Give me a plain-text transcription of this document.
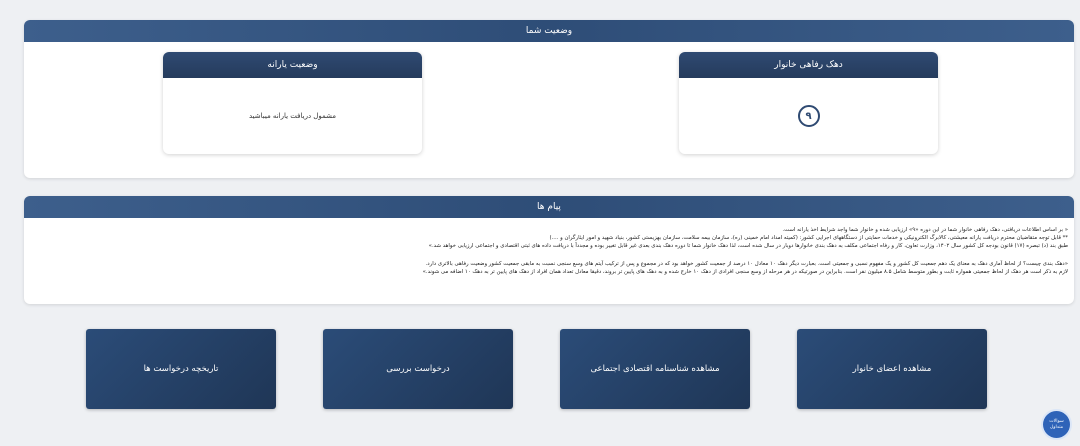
وضعیت شما
دهک رفاهی خانوار
۹
وضعیت یارانه
مشمول دریافت یارانه میباشید
پیام ها
« بر اساس اطلاعات دریافتی، دهک رفاهی خانوار شما در این دوره «۹» ارزیابی شده و خانوار شما واجد شرایط اخذ یارانه است.
** قابل توجه متقاضیان محترم دریافت یارانه معیشتی، کالابرگ الکترونیکی و خدمات حمایتی از دستگاههای اجرایی کشور: (کمیته امداد امام خمینی (ره)، سازمان بیمه سلامت، سازمان بهزیستی کشور، بنیاد شهید و امور ایثارگران و ....)
طبق بند (د) تبصره (۱۷) قانون بودجه کل کشور سال ۱۴۰۲، وزارت تعاون، کار و رفاه اجتماعی مکلف به دهک بندی خانوارها دوبار در سال شده است، لذا دهک خانوار شما تا دوره دهک بندی بعدی غیر قابل تغییر بوده و مجدداً با دریافت داده های ثبتی اقتصادی و اجتماعی ارزیابی خواهد شد.»
«دهک بندی چیست؟ از لحاظ آماری دهک به معنای یک دهم جمعیت کل کشور و یک مفهوم نسبی و جمعیتی است. بعبارت دیگر دهک ۱۰ معادل ۱۰ درصد از جمعیت کشور خواهد بود که در مجموع و پس از ترکیب آیتم های وسع سنجی نسبت به مابقی جمعیت کشور وضعیت رفاهی بالاتری دارد.
لازم به ذکر است هر دهک از لحاظ جمعیتی همواره ثابت و بطور متوسط شامل ۸.۵ میلیون نفر است. بنابراین در صورتیکه در هر مرحله از وسع سنجی افرادی از دهک ۱۰ خارج شده و به دهک های پایین تر بروند، دقیقا معادل تعداد همان افراد از دهک های پایین تر به دهک ۱۰ اضافه می شوند.»
مشاهده اعضای خانوار
مشاهده شناسنامه اقتصادی اجتماعی
درخواست بررسی
تاریخچه درخواست ها
سوالات
متداول
